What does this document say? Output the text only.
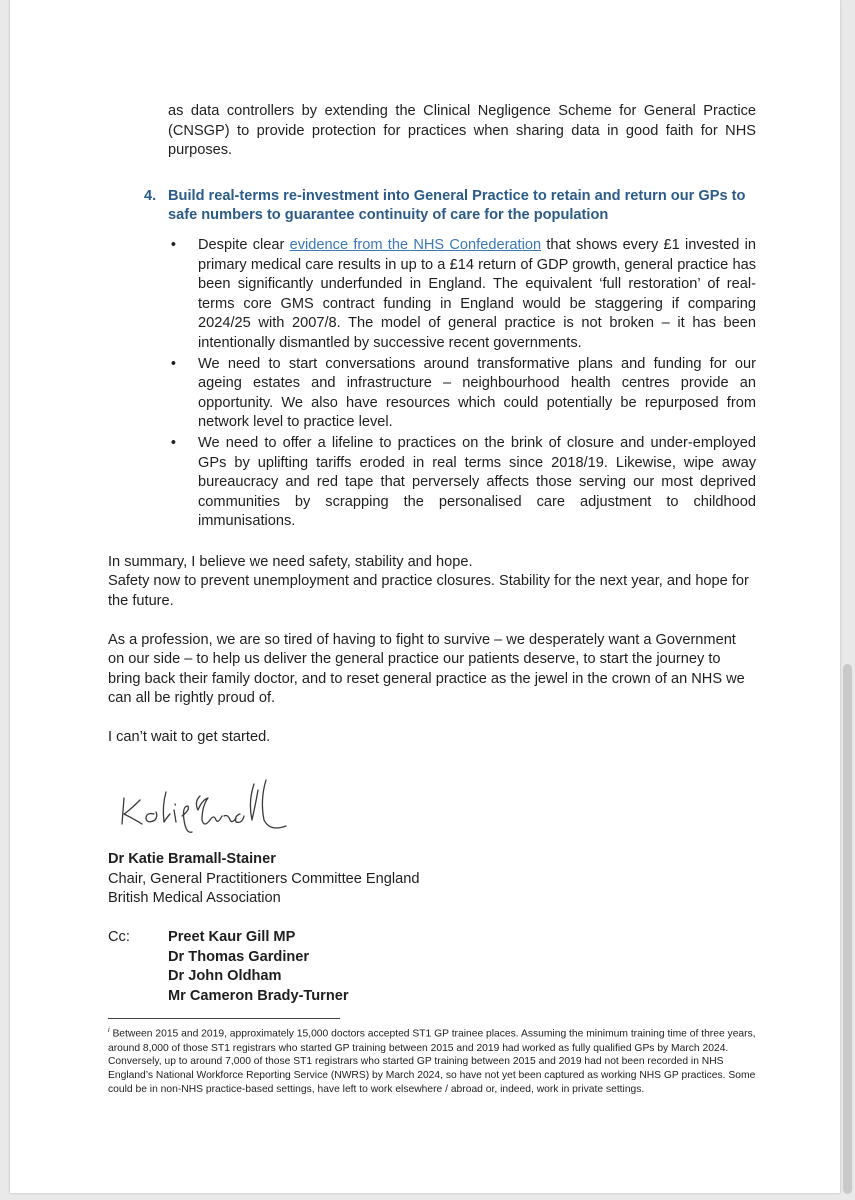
as data controllers by extending the Clinical Negligence Scheme for General Practice (CNSGP) to provide protection for practices when sharing data in good faith for NHS purposes.

4. Build real-terms re-investment into General Practice to retain and return our GPs to safe numbers to guarantee continuity of care for the population
•	Despite clear evidence from the NHS Confederation that shows every £1 invested in primary medical care results in up to a £14 return of GDP growth, general practice has been significantly underfunded in England. The equivalent ‘full restoration’ of real-terms core GMS contract funding in England would be staggering if comparing 2024/25 with 2007/8. The model of general practice is not broken – it has been intentionally dismantled by successive recent governments.
•	We need to start conversations around transformative plans and funding for our ageing estates and infrastructure – neighbourhood health centres provide an opportunity. We also have resources which could potentially be repurposed from network level to practice level.
•	We need to offer a lifeline to practices on the brink of closure and under-employed GPs by uplifting tariffs eroded in real terms since 2018/19. Likewise, wipe away bureaucracy and red tape that perversely affects those serving our most deprived communities by scrapping the personalised care adjustment to childhood immunisations.

In summary, I believe we need safety, stability and hope.

Safety now to prevent unemployment and practice closures. Stability for the next year, and hope for the future.

As a profession, we are so tired of having to fight to survive – we desperately want a Government on our side – to help us deliver the general practice our patients deserve, to start the journey to bring back their family doctor, and to reset general practice as the jewel in the crown of an NHS we can all be rightly proud of.

I can’t wait to get started.

Dr Katie Bramall-Stainer
Chair, General Practitioners Committee England
British Medical Association
Cc:	Preet Kaur Gill MP
Dr Thomas Gardiner
Dr John Oldham
Mr Cameron Brady-Turner
$^i$ Between 2015 and 2019, approximately 15,000 doctors accepted ST1 GP trainee places. Assuming the minimum training time of three years, around 8,000 of those ST1 registrars who started GP training between 2015 and 2019 had worked as fully qualified GPs by March 2024. Conversely, up to around 7,000 of those ST1 registrars who started GP training between 2015 and 2019 had not been recorded in NHS England’s National Workforce Reporting Service (NWRS) by March 2024, so have not yet been captured as working NHS GP practices. Some could be in non-NHS practice-based settings, have left to work elsewhere / abroad or, indeed, work in private settings.
